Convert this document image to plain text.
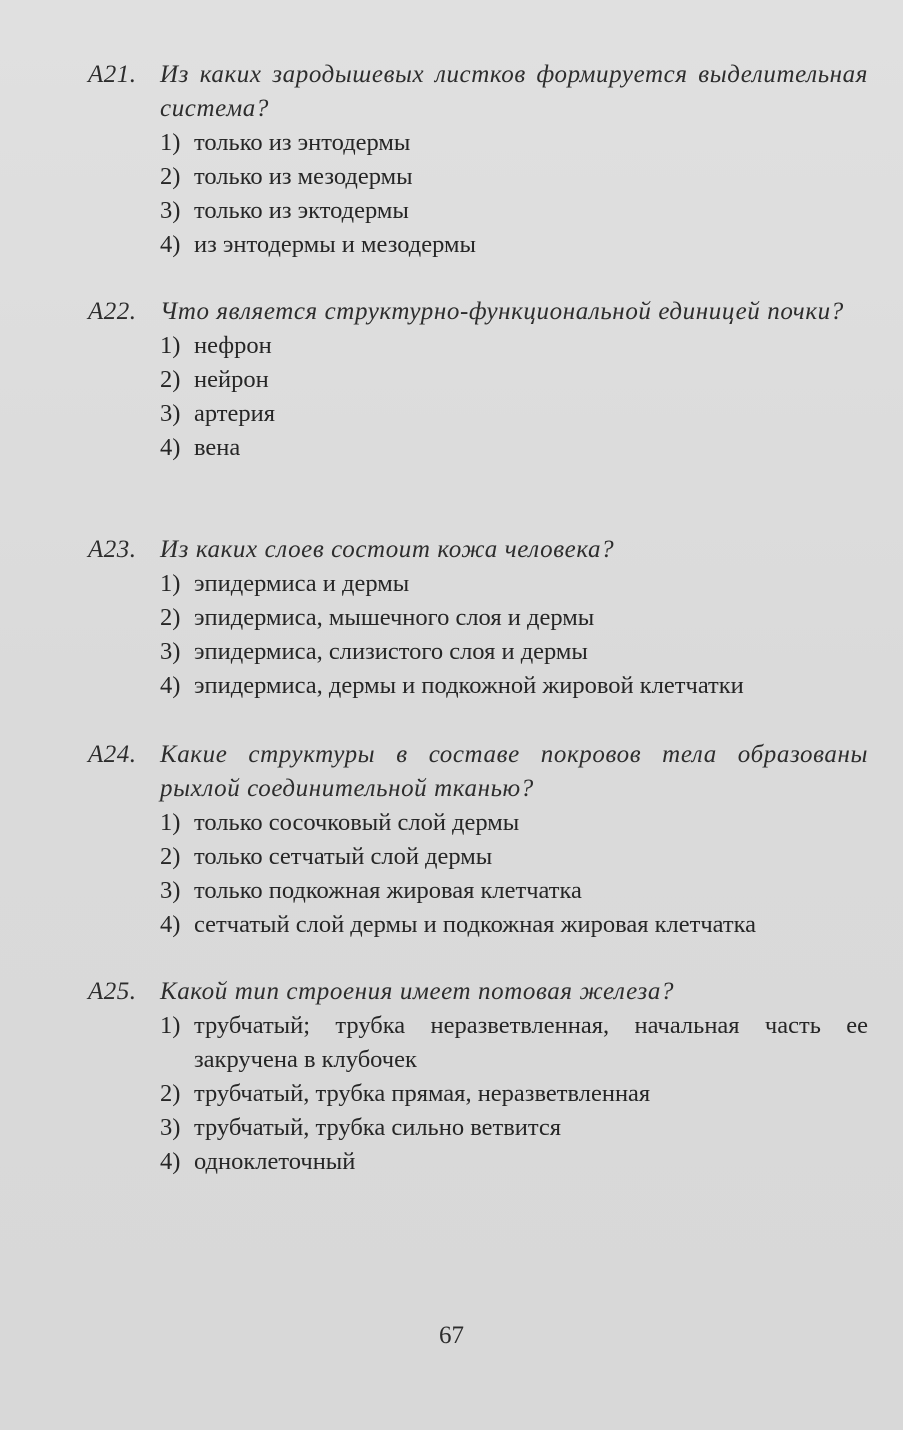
А21. Из каких зародышевых листков формируется выделительная система?
1) только из энтодермы
2) только из мезодермы
3) только из эктодермы
4) из энтодермы и мезодермы
А22. Что является структурно-функциональной единицей почки?
1) нефрон
2) нейрон
3) артерия
4) вена
А23. Из каких слоев состоит кожа человека?
1) эпидермиса и дермы
2) эпидермиса, мышечного слоя и дермы
3) эпидермиса, слизистого слоя и дермы
4) эпидермиса, дермы и подкожной жировой клетчатки
А24. Какие структуры в составе покровов тела образованы рыхлой соединительной тканью?
1) только сосочковый слой дермы
2) только сетчатый слой дермы
3) только подкожная жировая клетчатка
4) сетчатый слой дермы и подкожная жировая клетчатка
А25. Какой тип строения имеет потовая железа?
1) трубчатый; трубка неразветвленная, начальная часть ее закручена в клубочек
2) трубчатый, трубка прямая, неразветвленная
3) трубчатый, трубка сильно ветвится
4) одноклеточный
67
